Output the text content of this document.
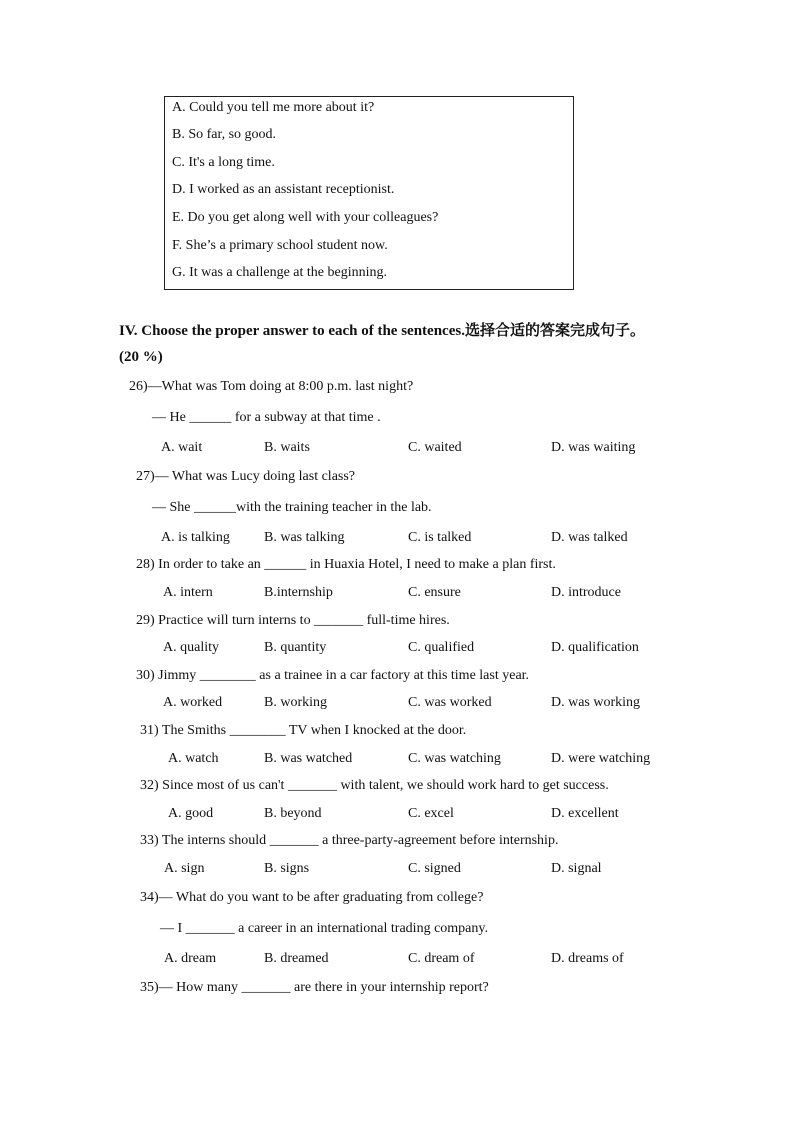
A. Could you tell me more about it?
B. So far, so good.
C. It's a long time.
D. I worked as an assistant receptionist.
E. Do you get along well with your colleagues?
F. She’s a primary school student now.
G. It was a challenge at the beginning.
IV. Choose the proper answer to each of the sentences.选择合适的答案完成句子。
(20 %)
26)—What was Tom doing at 8:00 p.m. last night?
— He ______ for a subway at that time .
A. wait	B. waits	C. waited	D. was waiting
27)— What was Lucy doing last class?
— She ______with the training teacher in the lab.
A. is talking B. was talking	C. is talked	D. was talked
28) In order to take an ______ in Huaxia Hotel, I need to make a plan first.
A. intern	B.internship	C. ensure	D. introduce
29) Practice will turn interns to _______ full-time hires.
A. quality	B. quantity	C. qualified	D. qualification
30) Jimmy ________ as a trainee in a car factory at this time last year.
A. worked	B. working	C. was worked	D. was working
31) The Smiths ________ TV when I knocked at the door.
A. watch	B. was watched	C. was watching	D. were watching
32) Since most of us can't _______ with talent, we should work hard to get success.
A. good	B. beyond	C. excel	D. excellent
33) The interns should _______ a three-party-agreement before internship.
A. sign	B. signs	C. signed	D. signal
34)— What do you want to be after graduating from college?
— I _______ a career in an international trading company.
A. dream	B. dreamed	C. dream of	D. dreams of
35)— How many _______ are there in your internship report?
